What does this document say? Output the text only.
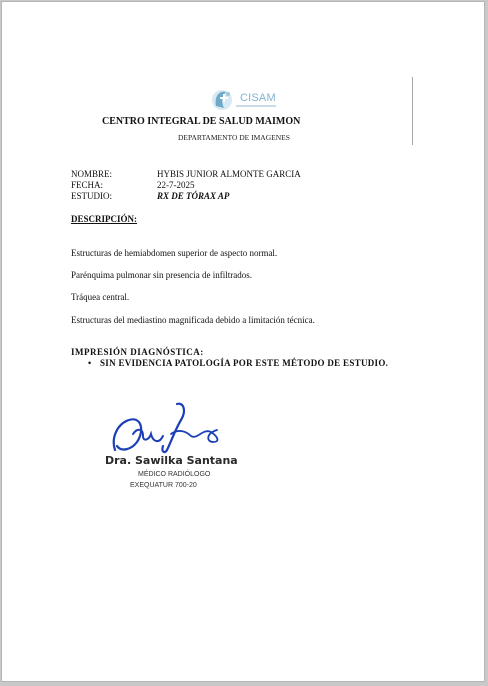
CISAM
CENTRO INTEGRAL DE SALUD MAIMON
DEPARTAMENTO DE IMAGENES
NOMBRE:	HYBIS JUNIOR ALMONTE GARCIA
FECHA:	22-7-2025
ESTUDIO:	RX DE TÓRAX AP
DESCRIPCIÓN:
Estructuras de hemiabdomen superior de aspecto normal.
Parénquima pulmonar sin presencia de infiltrados.
Tráquea central.
Estructuras del mediastino magnificada debido a limitación técnica.
IMPRESIÓN DIAGNÓSTICA:
• SIN EVIDENCIA PATOLOGÍA POR ESTE MÉTODO DE ESTUDIO.
Dra. Sawilka Santana
MÉDICO RADIÓLOGO
EXEQUATUR 700-20
